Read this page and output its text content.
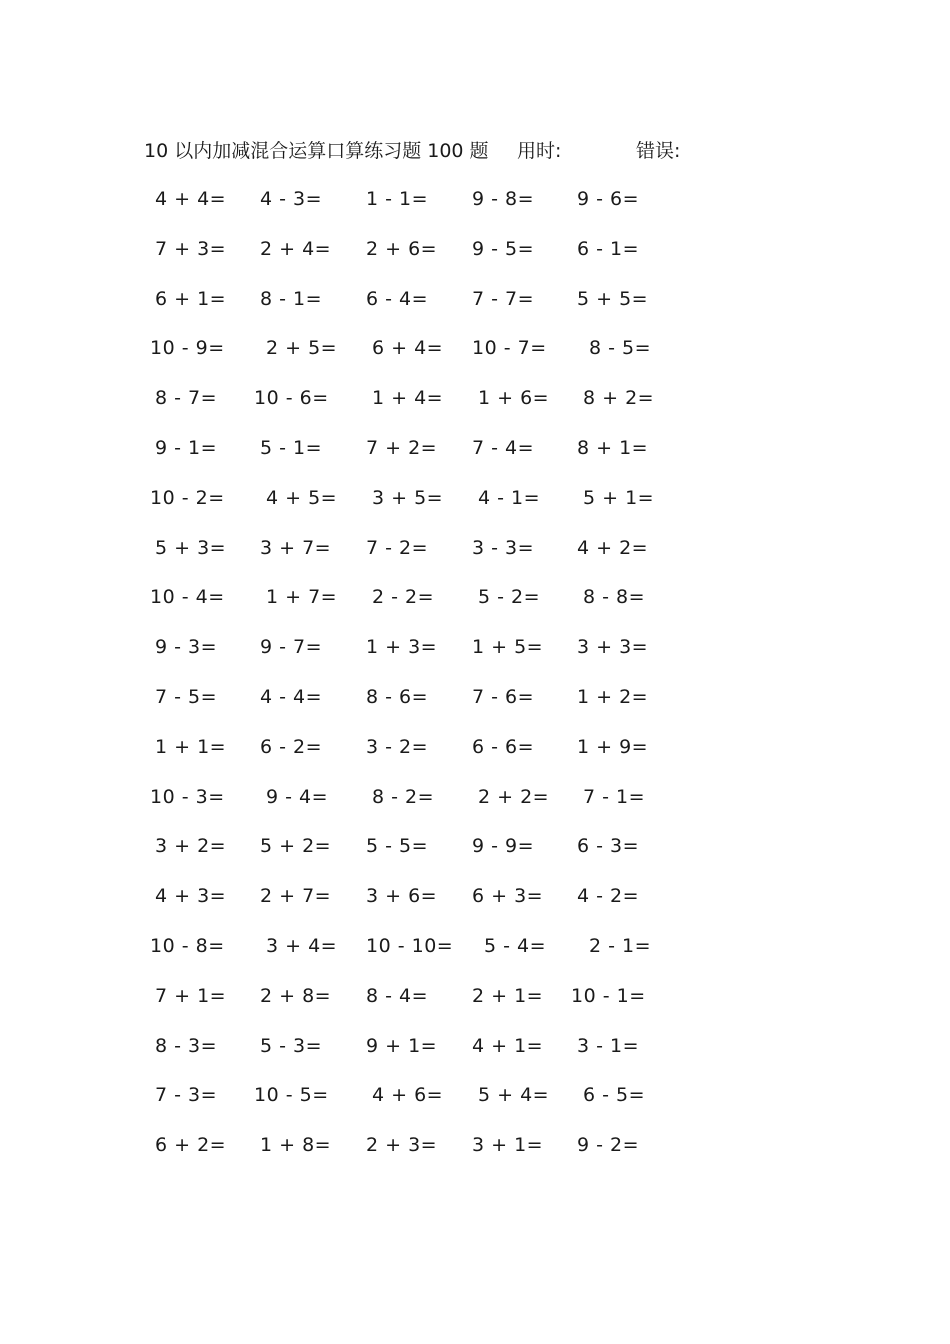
10 以内加减混合运算口算练习题 100 题 用时:	错误:
4 + 4= 4 - 3= 1 - 1= 9 - 8= 9 - 6=
7 + 3= 2 + 4= 2 + 6= 9 - 5= 6 - 1=
6 + 1= 8 - 1= 6 - 4= 7 - 7= 5 + 5=
10 - 9= 2 + 5= 6 + 4= 10 - 7= 8 - 5=
8 - 7= 10 - 6= 1 + 4= 1 + 6= 8 + 2=
9 - 1= 5 - 1= 7 + 2= 7 - 4= 8 + 1=
10 - 2= 4 + 5= 3 + 5= 4 - 1= 5 + 1=
5 + 3= 3 + 7= 7 - 2= 3 - 3= 4 + 2=
10 - 4= 1 + 7= 2 - 2= 5 - 2= 8 - 8=
9 - 3= 9 - 7= 1 + 3= 1 + 5= 3 + 3=
7 - 5= 4 - 4= 8 - 6= 7 - 6= 1 + 2=
1 + 1= 6 - 2= 3 - 2= 6 - 6= 1 + 9=
10 - 3= 9 - 4= 8 - 2= 2 + 2= 7 - 1=
3 + 2= 5 + 2= 5 - 5= 9 - 9= 6 - 3=
4 + 3= 2 + 7= 3 + 6= 6 + 3= 4 - 2=
10 - 8= 3 + 4= 10 - 10= 5 - 4= 2 - 1=
7 + 1= 2 + 8= 8 - 4= 2 + 1= 10 - 1=
8 - 3= 5 - 3= 9 + 1= 4 + 1= 3 - 1=
7 - 3= 10 - 5= 4 + 6= 5 + 4= 6 - 5=
6 + 2= 1 + 8= 2 + 3= 3 + 1= 9 - 2=
